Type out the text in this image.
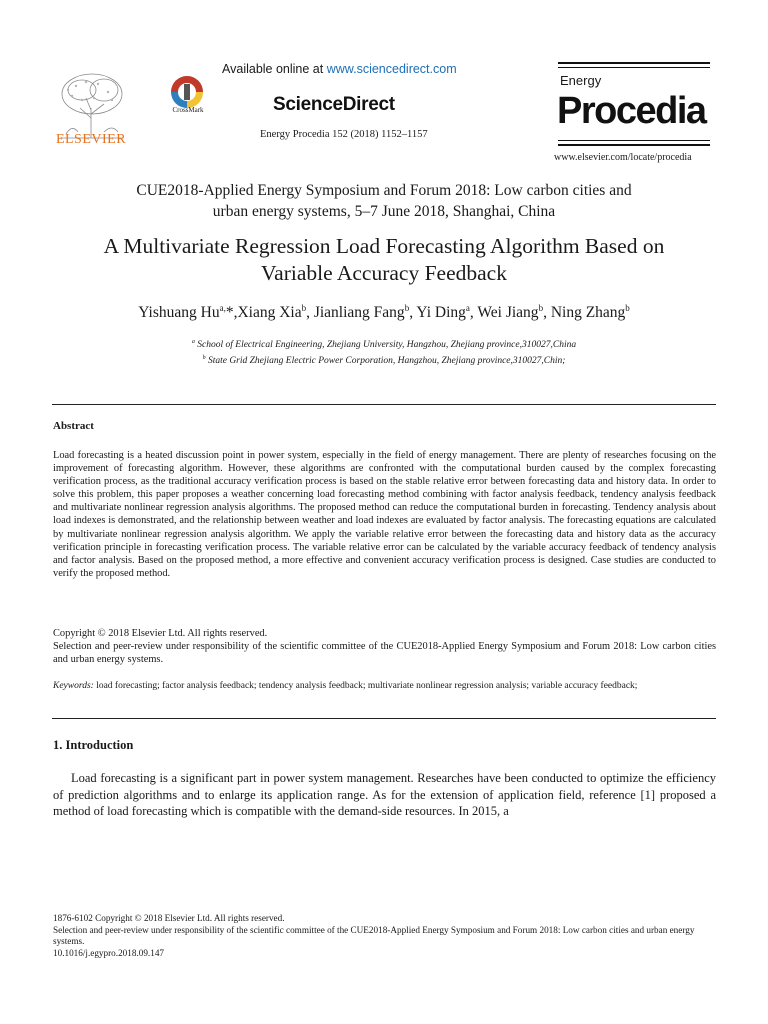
ELSEVIER
CrossMark
Available online at www.sciencedirect.com
ScienceDirect
Energy Procedia 152 (2018) 1152–1157
Energy
Procedia
www.elsevier.com/locate/procedia
CUE2018-Applied Energy Symposium and Forum 2018: Low carbon cities and
urban energy systems, 5–7 June 2018, Shanghai, China
A Multivariate Regression Load Forecasting Algorithm Based on
Variable Accuracy Feedback
Yishuang $Hu^{a,}*,Xiang$ Xia$^b$, Jianliang Fang$^b$, Yi Ding$^a$, Wei Jiang$^b$, Ning Zhang$^b$
$^a$ School of Electrical Engineering, Zhejiang University, Hangzhou, Zhejiang province,310027,China
$^b$ State Grid Zhejiang Electric Power Corporation, Hangzhou, Zhejiang province,310027,Chin;
Abstract
Load forecasting is a heated discussion point in power system, especially in the field of energy management. There are plenty of researches focusing on the improvement of forecasting algorithm. However, these algorithms are confronted with the computational burden caused by the complex forecasting verification process, as the traditional accuracy verification process is based on the stable relative error between forecasting data and history data. In order to solve this problem, this paper proposes a weather concerning load forecasting method combining with factor analysis feedback, tendency analysis feedback and multivariate nonlinear regression analysis algorithms. The proposed method can reduce the computational burden in forecasting. Tendency analysis about load indexes is demonstrated, and the relationship between weather and load indexes are evaluated by factor analysis. The forecasting equations are calculated by multivariate nonlinear regression analysis algorithm. We apply the variable relative error between the forecasting data and history data as the accuracy verification principle in forecasting verification process. The variable relative error can be calculated by the variable accuracy feedback of tendency analysis and factor analysis. Based on the proposed method, a more effective and convenient accuracy verification process is designed. Case studies are conducted to verify the proposed method.
Copyright © 2018 Elsevier Ltd. All rights reserved.
Selection and peer-review under responsibility of the scientific committee of the CUE2018-Applied Energy Symposium and Forum 2018: Low carbon cities and urban energy systems.
Keywords: load forecasting; factor analysis feedback; tendency analysis feedback; multivariate nonlinear regression analysis; variable accuracy feedback;
1. Introduction
Load forecasting is a significant part in power system management. Researches have been conducted to optimize the efficiency of prediction algorithms and to enlarge its application range. As for the extension of application field, reference [1] proposed a method of load forecasting which is compatible with the demand-side resources. In 2015, a
1876-6102 Copyright © 2018 Elsevier Ltd. All rights reserved.
Selection and peer-review under responsibility of the scientific committee of the CUE2018-Applied Energy Symposium and Forum 2018: Low carbon cities and urban energy systems.
10.1016/j.egypro.2018.09.147
